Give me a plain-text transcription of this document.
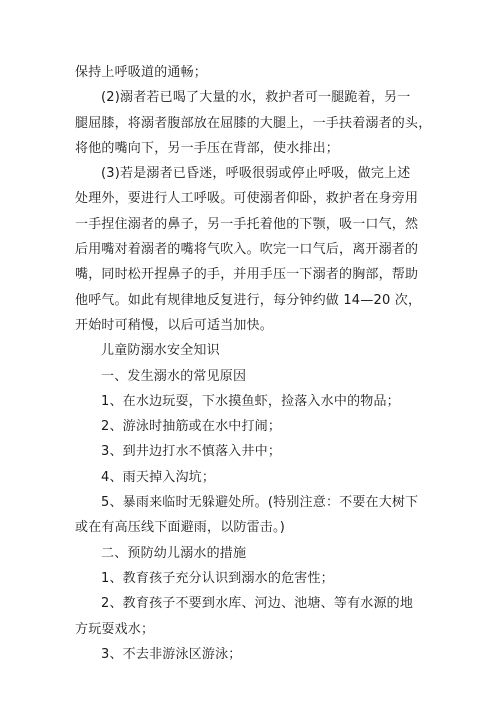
保持上呼吸道的通畅；
(2)溺者若已喝了大量的水，救护者可一腿跪着，另一
腿屈膝，将溺者腹部放在屈膝的大腿上，一手扶着溺者的头，
将他的嘴向下，另一手压在背部，使水排出；
(3)若是溺者已昏迷，呼吸很弱或停止呼吸，做完上述
处理外，要进行人工呼吸。可使溺者仰卧，救护者在身旁用
一手捏住溺者的鼻子，另一手托着他的下颚，吸一口气，然
后用嘴对着溺者的嘴将气吹入。吹完一口气后，离开溺者的
嘴，同时松开捏鼻子的手，并用手压一下溺者的胸部，帮助
他呼气。如此有规律地反复进行，每分钟约做 14—20 次，
开始时可稍慢，以后可适当加快。
儿童防溺水安全知识
一、发生溺水的常见原因
1、在水边玩耍，下水摸鱼虾，捡落入水中的物品；
2、游泳时抽筋或在水中打闹；
3、到井边打水不慎落入井中；
4、雨天掉入沟坑；
5、暴雨来临时无躲避处所。(特别注意：不要在大树下
或在有高压线下面避雨，以防雷击。)
二、预防幼儿溺水的措施
1、教育孩子充分认识到溺水的危害性；
2、教育孩子不要到水库、河边、池塘、等有水源的地
方玩耍戏水；
3、不去非游泳区游泳；
